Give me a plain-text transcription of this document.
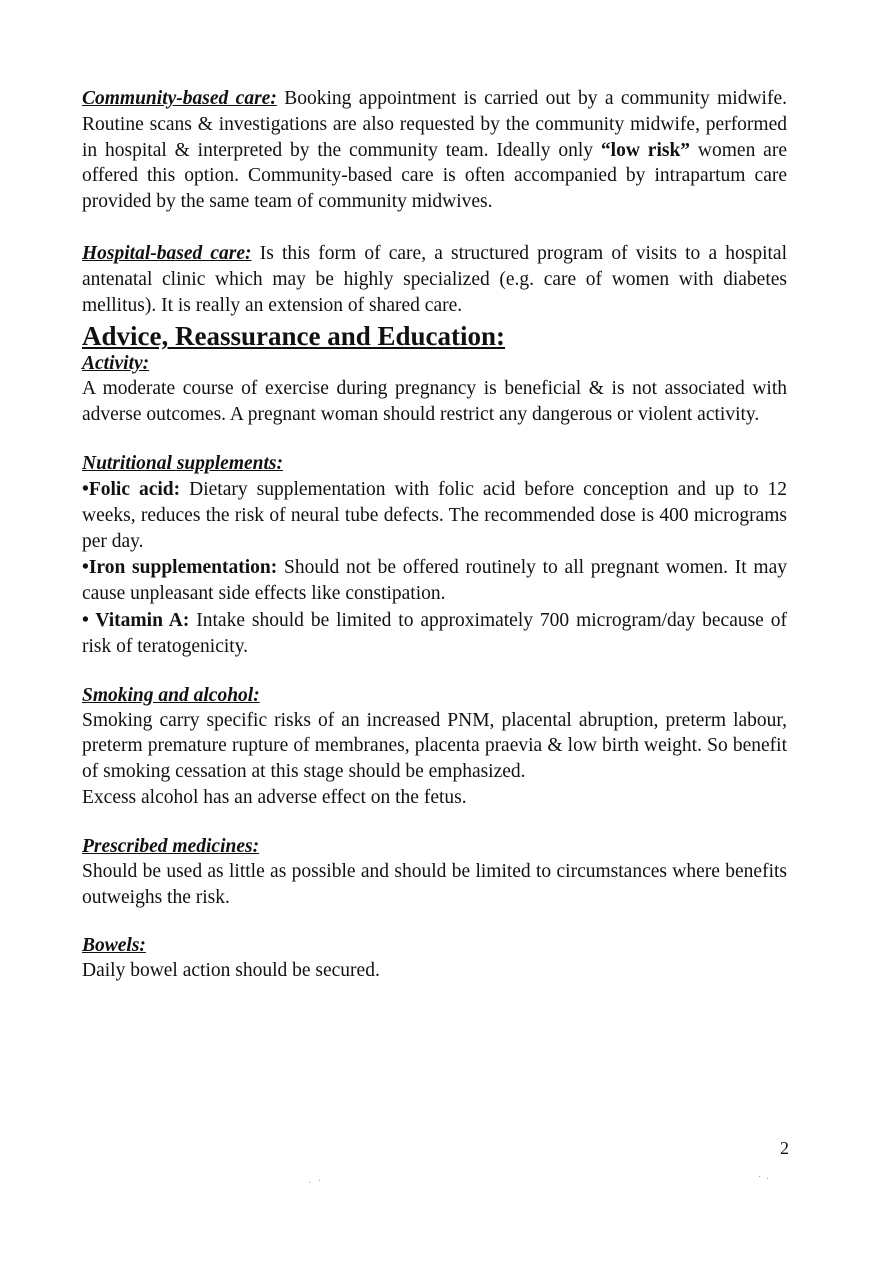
Community-based care: Booking appointment is carried out by a community midwife. Routine scans & investigations are also requested by the community midwife, performed in hospital & interpreted by the community team. Ideally only “low risk” women are offered this option. Community-based care is often accompanied by intrapartum care provided by the same team of community midwives.

Hospital-based care: Is this form of care, a structured program of visits to a hospital antenatal clinic which may be highly specialized (e.g. care of women with diabetes mellitus). It is really an extension of shared care.

Advice, Reassurance and Education:
Activity:

A moderate course of exercise during pregnancy is beneficial & is not associated with adverse outcomes. A pregnant woman should restrict any dangerous or violent activity.

Nutritional supplements:

•Folic acid: Dietary supplementation with folic acid before conception and up to 12 weeks, reduces the risk of neural tube defects. The recommended dose is 400 micrograms per day.

•Iron supplementation: Should not be offered routinely to all pregnant women. It may cause unpleasant side effects like constipation.

• Vitamin A: Intake should be limited to approximately 700 microgram/day because of risk of teratogenicity.

Smoking and alcohol:

Smoking carry specific risks of an increased PNM, placental abruption, preterm labour, preterm premature rupture of membranes, placenta praevia & low birth weight. So benefit of smoking cessation at this stage should be emphasized.

Excess alcohol has an adverse effect on the fetus.

Prescribed medicines:

Should be used as little as possible and should be limited to circumstances where benefits outweighs the risk.

Bowels:

Daily bowel action should be secured.

2
· ·	· ·
